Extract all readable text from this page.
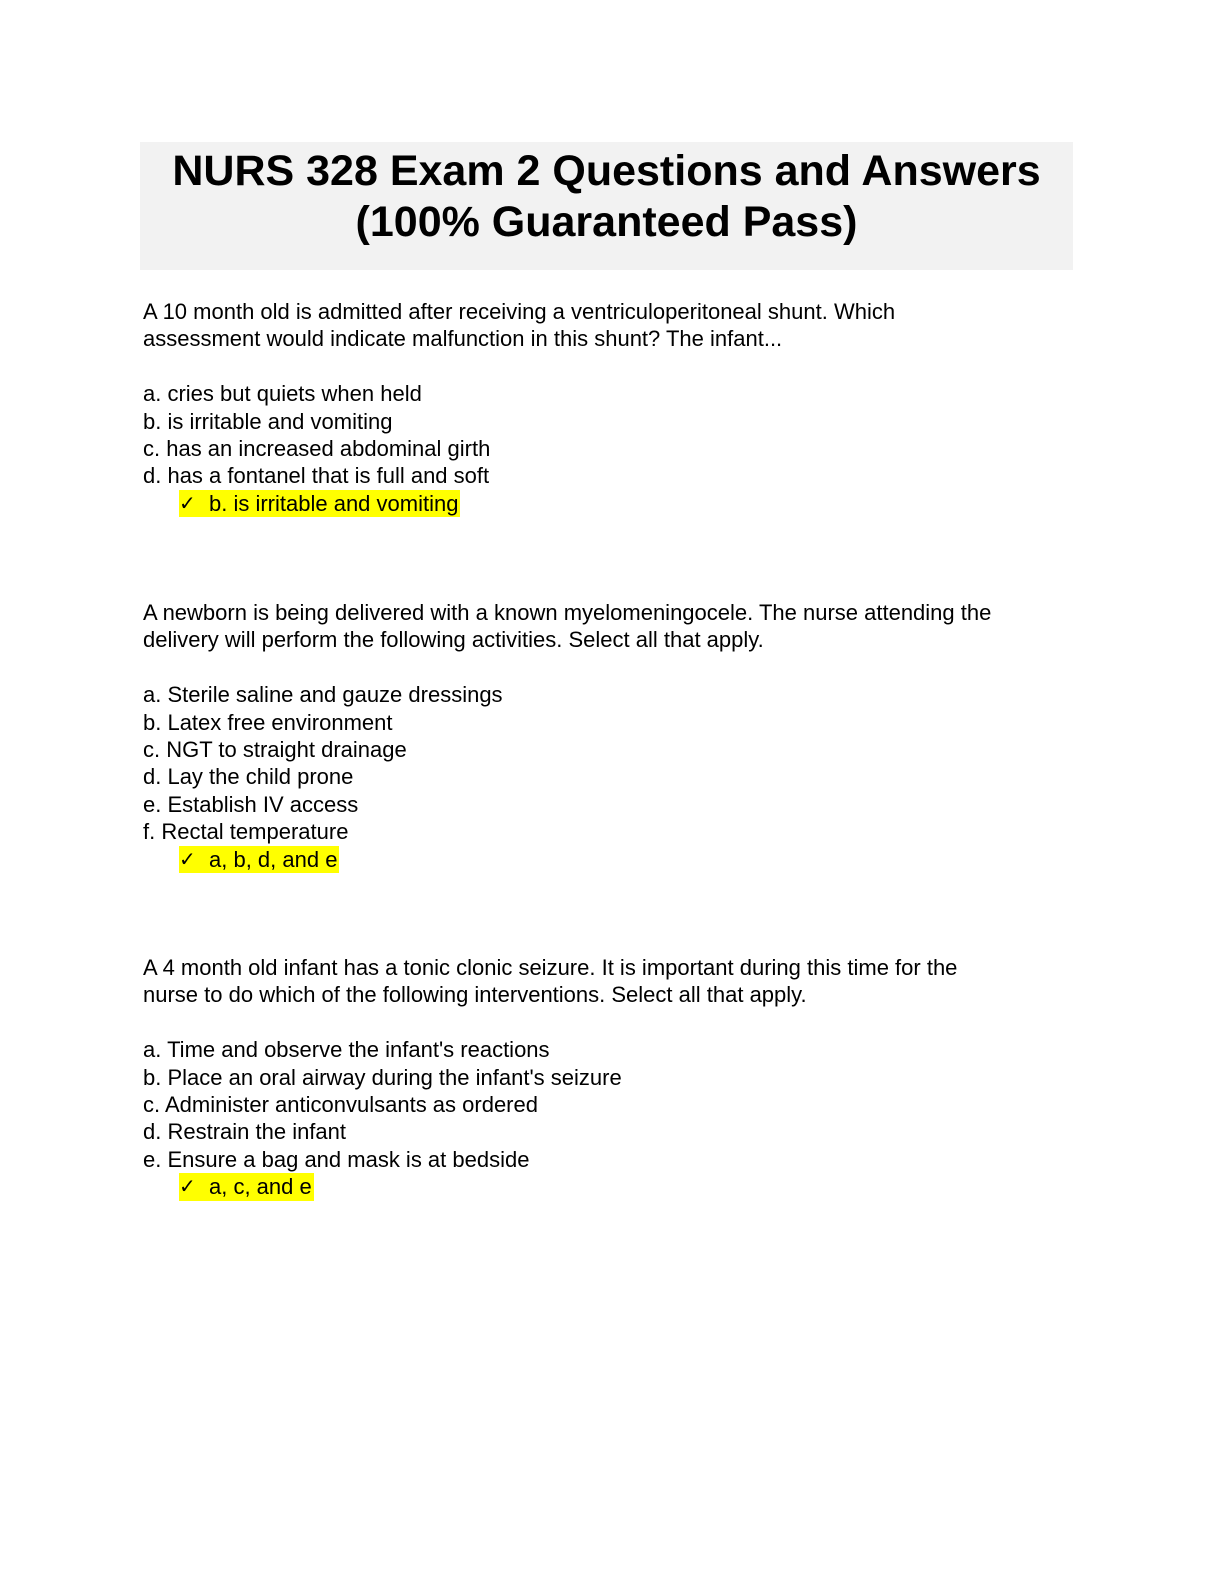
NURS 328 Exam 2 Questions and Answers
(100% Guaranteed Pass)
A 10 month old is admitted after receiving a ventriculoperitoneal shunt. Which
assessment would indicate malfunction in this shunt? The infant...
a. cries but quiets when held
b. is irritable and vomiting
c. has an increased abdominal girth
d. has a fontanel that is full and soft
✓ b. is irritable and vomiting
A newborn is being delivered with a known myelomeningocele. The nurse attending the
delivery will perform the following activities. Select all that apply.
a. Sterile saline and gauze dressings
b. Latex free environment
c. NGT to straight drainage
d. Lay the child prone
e. Establish IV access
f. Rectal temperature
✓ a, b, d, and e
A 4 month old infant has a tonic clonic seizure. It is important during this time for the
nurse to do which of the following interventions. Select all that apply.
a. Time and observe the infant's reactions
b. Place an oral airway during the infant's seizure
c. Administer anticonvulsants as ordered
d. Restrain the infant
e. Ensure a bag and mask is at bedside
✓ a, c, and e
